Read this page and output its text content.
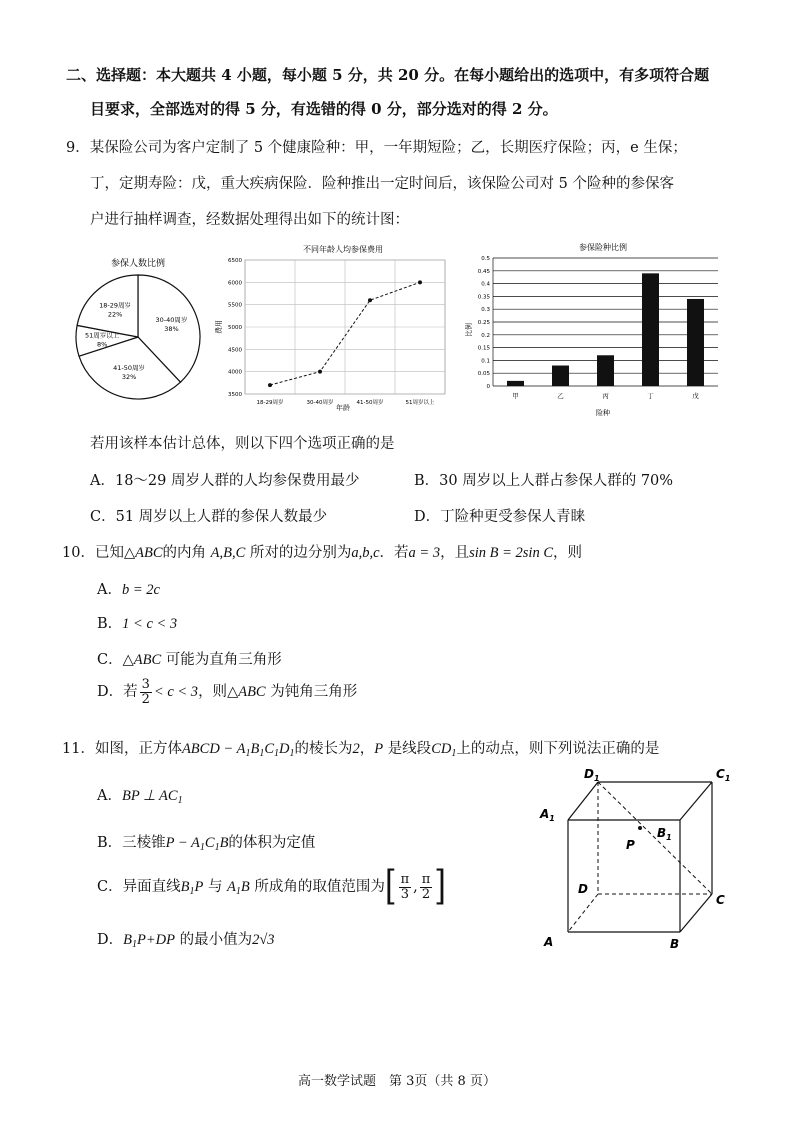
二、选择题：本大题共 4 小题，每小题 5 分，共 20 分。在每小题给出的选项中，有多项符合题
目要求，全部选对的得 5 分，有选错的得 0 分，部分选对的得 2 分。
9．某保险公司为客户定制了 5 个健康险种：甲，一年期短险；乙，长期医疗保险；丙，e 生保；
丁，定期寿险：戊，重大疾病保险．险种推出一定时间后，该保险公司对 5 个险种的参保客
户进行抽样调查，经数据处理得出如下的统计图：
参保人数比例
30-40周岁
38%
41-50周岁
32%
51周岁以上
8%
18-29周岁
22%
不同年龄人均参保费用
3500
4000
4500
5000
5500
6000
6500
18-29周岁	30-40周岁	41-50周岁	51周岁以上
费用
年龄
参保险种比例
0
0.05
0.1
0.15
0.2
0.25
0.3
0.35
0.4
0.45
0.5
甲	乙	丙	丁	戊
比例
险种
若用该样本估计总体，则以下四个选项正确的是
A．18～29 周岁人群的人均参保费用最少	B．30 周岁以上人群占参保人群的 70%
C．51 周岁以上人群的参保人数最少	D．丁险种更受参保人青睐
10．已知△ABC的内角 A,B,C 所对的边分别为a,b,c．若a = 3，且sin B = 2sin C，则
A．b = 2c
B．1 < c < 3
C．△ABC 可能为直角三角形
D．若 $\frac{3}{2} < c < 3$，则△ABC 为钝角三角形
11．如图，正方体ABCD − $A_1B_1C_1D_1$的棱长为2，P 是线段$CD_1$上的动点，则下列说法正确的是
A．BP ⊥ $AC_1$
B．三棱锥$P - A_1C_1B$的体积为定值
C．异面直线$B_1P$ 与 $A_1B$ 所成角的取值范围为[ $\frac{\pi}{3}$ , $\frac{\pi}{2}$ ]
D．$B_1P+DP$ 的最小值为2√3
$D_1$	$C_1$
$A_1$
$B_1$
P
D
C
A	B
高一数学试题　第 3页（共 8 页）
